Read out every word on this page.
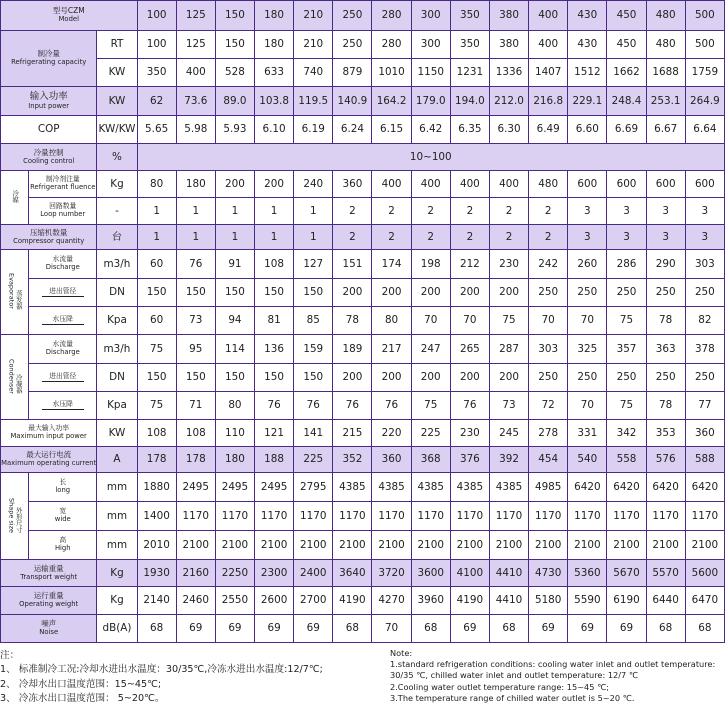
型号CZM
Model			100	125	150	180	210	250	280	300	350	380	400	430	450	480	500
制冷量
Refrigerating capacity		RT	100	125	150	180	210	250	280	300	350	380	400	430	450	480	500
		KW	350	400	528	633	740	879	1010	1150	1231	1336	1407	1512	1662	1688	1759

输入功率
Input power		KW	62	73.6	89.0	103.8	119.5	140.9	164.2	179.0	194.0	212.0	216.8	229.1	248.4	253.1	264.9
COP		KW/KW	5.65	5.98	5.93	6.10	6.19	6.24	6.15	6.42	6.35	6.30	6.49	6.60	6.69	6.67	6.64
冷量控制
Cooling control		%	10~100														
冷媒	制冷剂注量
Refrigerant fluence	Kg	80	180	200	200	240	360	400	400	400	400	480	600	600	600	600
	回路数量
Loop number	-	1	1	1	1	1	2	2	2	2	2	2	3	3	3	3
压缩机数量
Compressor quantity		台	1	1	1	1	1	2	2	2	2	2	2	3	3	3	3
Evaporator蒸发器	水流量
Discharge	m3/h	60	76	91	108	127	151	174	198	212	230	242	260	286	290	303

	进出管径	DN	150	150	150	150	150	200	200	200	200	200	250	250	250	250	250

	水压降	Kpa	60	73	94	81	85	78	80	70	70	75	70	70	75	78	82
Condenser冷凝器	水流量
Discharge	m3/h	75	95	114	136	159	189	217	247	265	287	303	325	357	363	378

	进出管径	DN	150	150	150	150	150	200	200	200	200	200	250	250	250	250	250

	水压降	Kpa	75	71	80	76	76	76	76	75	76	73	72	70	75	78	77
最大输入功率
Maximum input power		KW	108	108	110	121	141	215	220	225	230	245	278	331	342	353	360
最大运行电流
Maximum operating current		A	178	178	180	188	225	352	360	368	376	392	454	540	558	576	588
Shape size外形尺寸	长
long	mm	1880	2495	2495	2495	2795	4385	4385	4385	4385	4385	4985	6420	6420	6420	6420
	宽
wide	mm	1400	1170	1170	1170	1170	1170	1170	1170	1170	1170	1170	1170	1170	1170	1170
	高
High	mm	2010	2100	2100	2100	2100	2100	2100	2100	2100	2100	2100	2100	2100	2100	2100
运输重量
Transport weight		Kg	1930	2160	2250	2300	2400	3640	3720	3600	4100	4410	4730	5360	5670	5570	5600
运行重量
Operating weight		Kg	2140	2460	2550	2600	2700	4190	4270	3960	4190	4410	5180	5590	6190	6440	6470
噪声
Noise		dB(A)	68	69	69	69	69	68	70	68	69	68	69	69	69	68	68

注：

1、 标准制冷工况:冷却水进出水温度：30/35℃,冷冻水进出水温度:12/7℃;

2、 冷却水出口温度范围：15~45℃;

3、 冷冻水出口温度范围： 5~20℃。

Note:

1.standard refrigeration conditions: cooling water inlet and outlet temperature: 30/35 ℃, chilled water inlet and outlet temperature: 12/7 ℃

2.Cooling water outlet temperature range: 15~45 ℃;

3.The temperature range of chilled water outlet is 5~20 ℃.
